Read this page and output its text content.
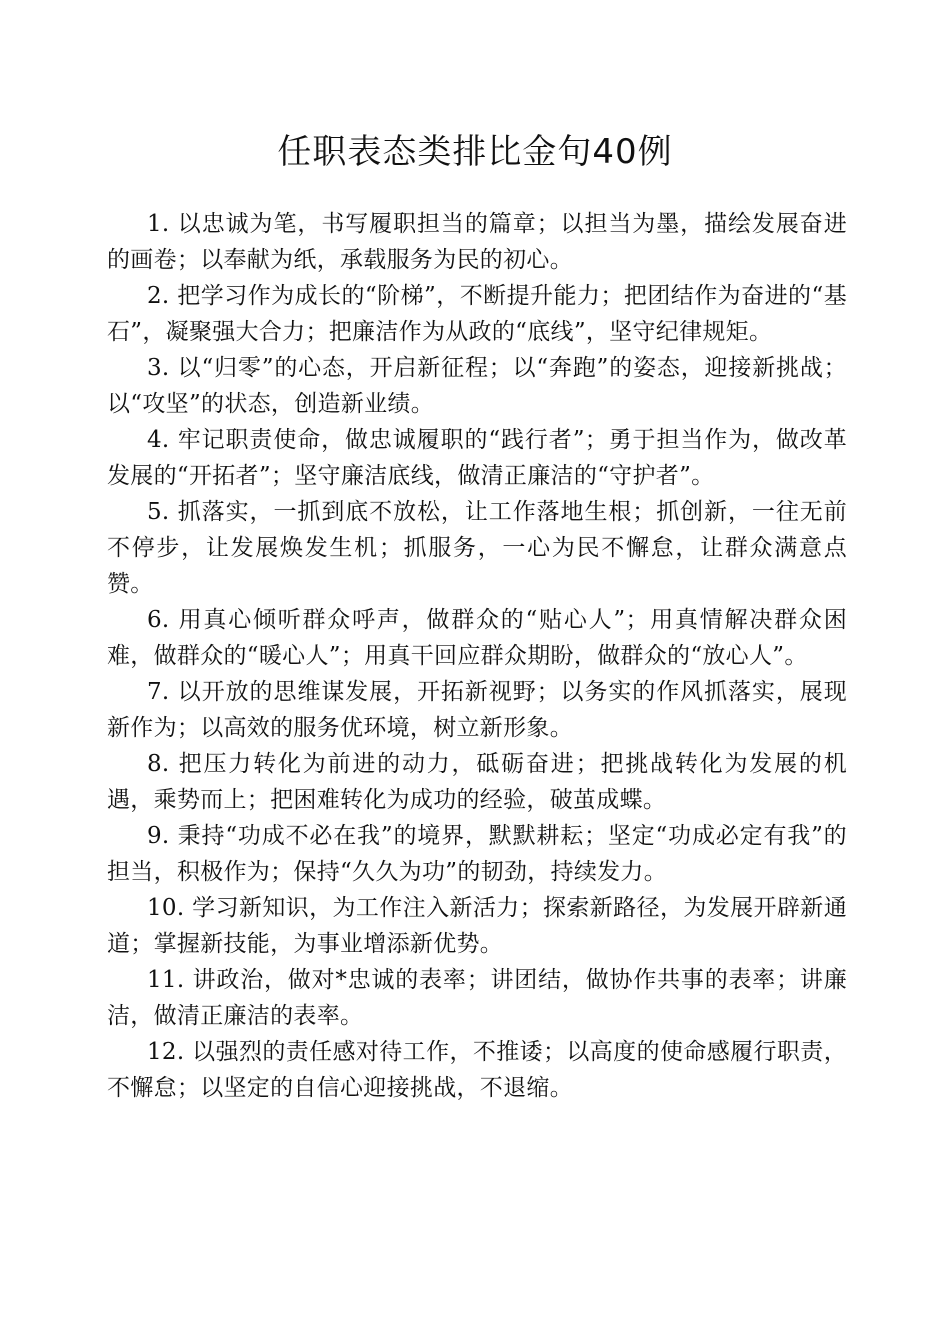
任职表态类排比金句40例

1. 以忠诚为笔，书写履职担当的篇章；以担当为墨，描绘发展奋进的画卷；以奉献为纸，承载服务为民的初心。

2. 把学习作为成长的“阶梯”，不断提升能力；把团结作为奋进的“基石”，凝聚强大合力；把廉洁作为从政的“底线”，坚守纪律规矩。

3. 以“归零”的心态，开启新征程；以“奔跑”的姿态，迎接新挑战；以“攻坚”的状态，创造新业绩。

4. 牢记职责使命，做忠诚履职的“践行者”；勇于担当作为，做改革发展的“开拓者”；坚守廉洁底线，做清正廉洁的“守护者”。

5. 抓落实，一抓到底不放松，让工作落地生根；抓创新，一往无前不停步，让发展焕发生机；抓服务，一心为民不懈怠，让群众满意点赞。

6. 用真心倾听群众呼声，做群众的“贴心人”；用真情解决群众困难，做群众的“暖心人”；用真干回应群众期盼，做群众的“放心人”。

7. 以开放的思维谋发展，开拓新视野；以务实的作风抓落实，展现新作为；以高效的服务优环境，树立新形象。

8. 把压力转化为前进的动力，砥砺奋进；把挑战转化为发展的机遇，乘势而上；把困难转化为成功的经验，破茧成蝶。

9. 秉持“功成不必在我”的境界，默默耕耘；坚定“功成必定有我”的担当，积极作为；保持“久久为功”的韧劲，持续发力。

10. 学习新知识，为工作注入新活力；探索新路径，为发展开辟新通道；掌握新技能，为事业增添新优势。

11. 讲政治，做对*忠诚的表率；讲团结，做协作共事的表率；讲廉洁，做清正廉洁的表率。

12. 以强烈的责任感对待工作，不推诿；以高度的使命感履行职责，不懈怠；以坚定的自信心迎接挑战，不退缩。
